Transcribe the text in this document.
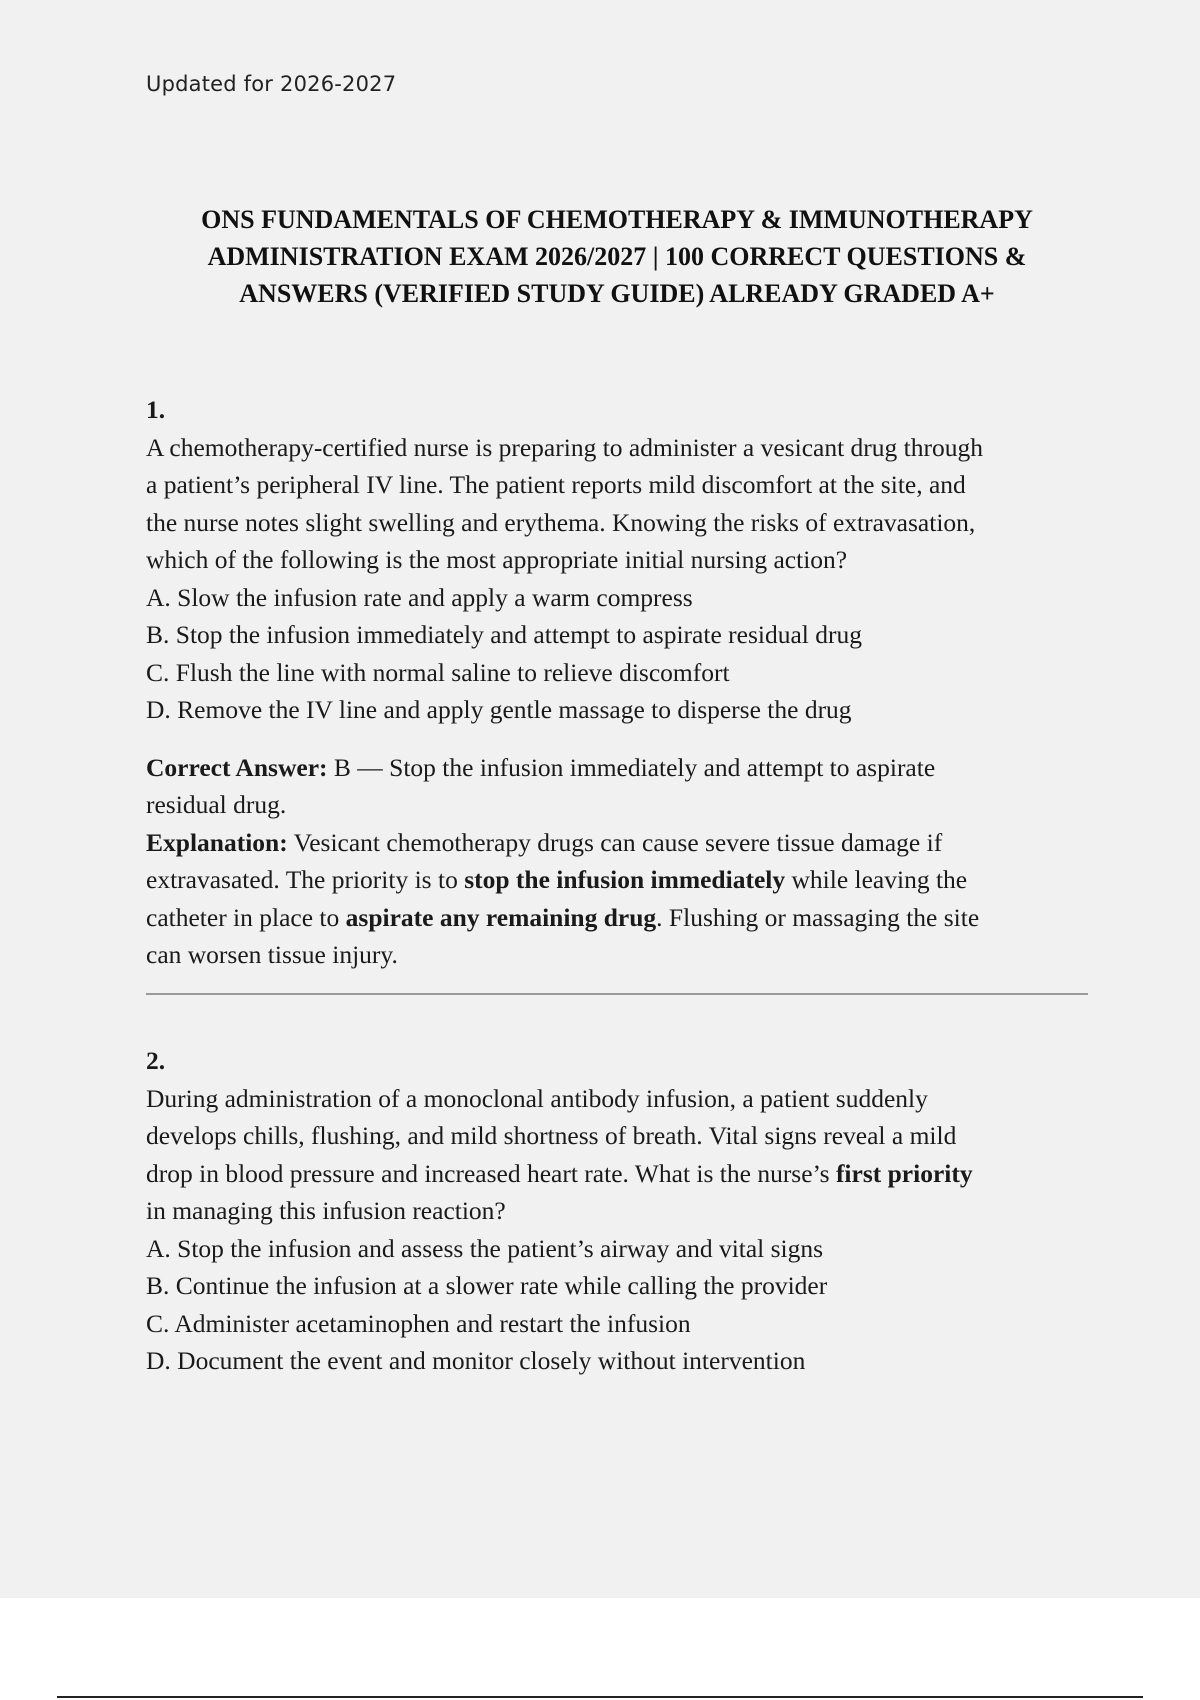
Updated for 2026-2027
ONS FUNDAMENTALS OF CHEMOTHERAPY & IMMUNOTHERAPY
ADMINISTRATION EXAM 2026/2027 | 100 CORRECT QUESTIONS &
ANSWERS (VERIFIED STUDY GUIDE) ALREADY GRADED A+
1.
A chemotherapy-certified nurse is preparing to administer a vesicant drug through
a patient’s peripheral IV line. The patient reports mild discomfort at the site, and
the nurse notes slight swelling and erythema. Knowing the risks of extravasation,
which of the following is the most appropriate initial nursing action?
A. Slow the infusion rate and apply a warm compress
B. Stop the infusion immediately and attempt to aspirate residual drug
C. Flush the line with normal saline to relieve discomfort
D. Remove the IV line and apply gentle massage to disperse the drug
Correct Answer: B — Stop the infusion immediately and attempt to aspirate
residual drug.
Explanation: Vesicant chemotherapy drugs can cause severe tissue damage if
extravasated. The priority is to stop the infusion immediately while leaving the
catheter in place to aspirate any remaining drug. Flushing or massaging the site
can worsen tissue injury.
2.
During administration of a monoclonal antibody infusion, a patient suddenly
develops chills, flushing, and mild shortness of breath. Vital signs reveal a mild
drop in blood pressure and increased heart rate. What is the nurse’s first priority
in managing this infusion reaction?
A. Stop the infusion and assess the patient’s airway and vital signs
B. Continue the infusion at a slower rate while calling the provider
C. Administer acetaminophen and restart the infusion
D. Document the event and monitor closely without intervention
